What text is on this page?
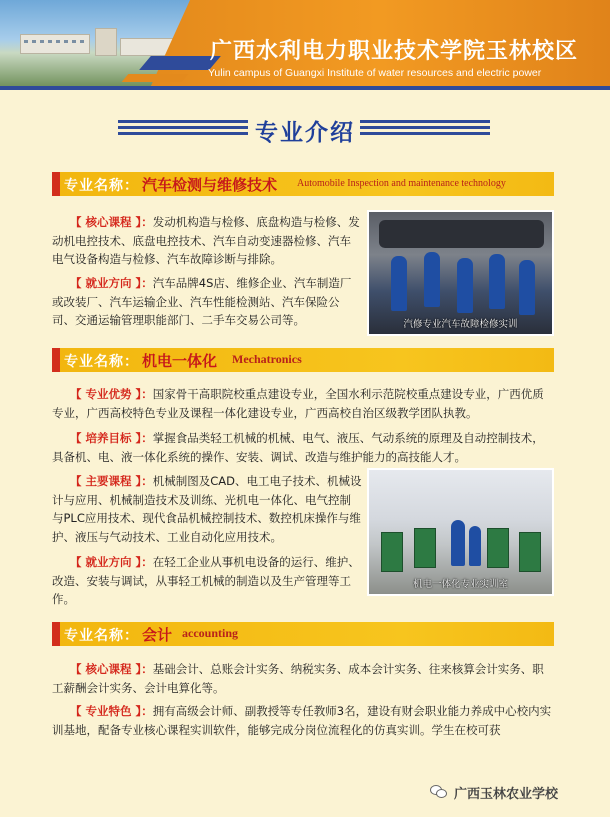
广西水利电力职业技术学院玉林校区
Yulin campus of Guangxi Institute of water resources and electric power
专业介绍
专业名称： 汽车检测与维修技术 Automobile Inspection and maintenance technology
【 核心课程 】：发动机构造与检修、底盘构造与检修、发动机电控技术、底盘电控技术、汽车自动变速器检修、汽车电气设备构造与检修、汽车故障诊断与排除。
【 就业方向 】：汽车品牌4S店、维修企业、汽车制造厂或改装厂、汽车运输企业、汽车性能检测站、汽车保险公司、交通运输管理职能部门、二手车交易公司等。	汽修专业汽车故障检修实训
专业名称： 机电一体化 Mechatronics
【 专业优势 】：国家骨干高职院校重点建设专业，全国水利示范院校重点建设专业，广西优质专业，广西高校特色专业及课程一体化建设专业，广西高校自治区级教学团队执教。
【 培养目标 】：掌握食品类轻工机械的机械、电气、液压、气动系统的原理及自动控制技术，具备机、电、液一体化系统的操作、安装、调试、改造与维护能力的高技能人才。
【 主要课程 】：机械制图及CAD、电工电子技术、机械设计与应用、机械制造技术及训练、光机电一体化、电气控制与PLC应用技术、现代食品机械控制技术、数控机床操作与维护、液压与气动技术、工业自动化应用技术。
【 就业方向 】：在轻工企业从事机电设备的运行、维护、改造、安装与调试，从事轻工机械的制造以及生产管理等工作。
机电一体化专业实训室
专业名称： 会计 accounting
【 核心课程 】：基础会计、总账会计实务、纳税实务、成本会计实务、往来核算会计实务、职工薪酬会计实务、会计电算化等。
【 专业特色 】：拥有高级会计师、副教授等专任教师3名，建设有财会职业能力养成中心校内实训基地，配备专业核心课程实训软件，能够完成分岗位流程化的仿真实训。学生在校可获
广西玉林农业学校
